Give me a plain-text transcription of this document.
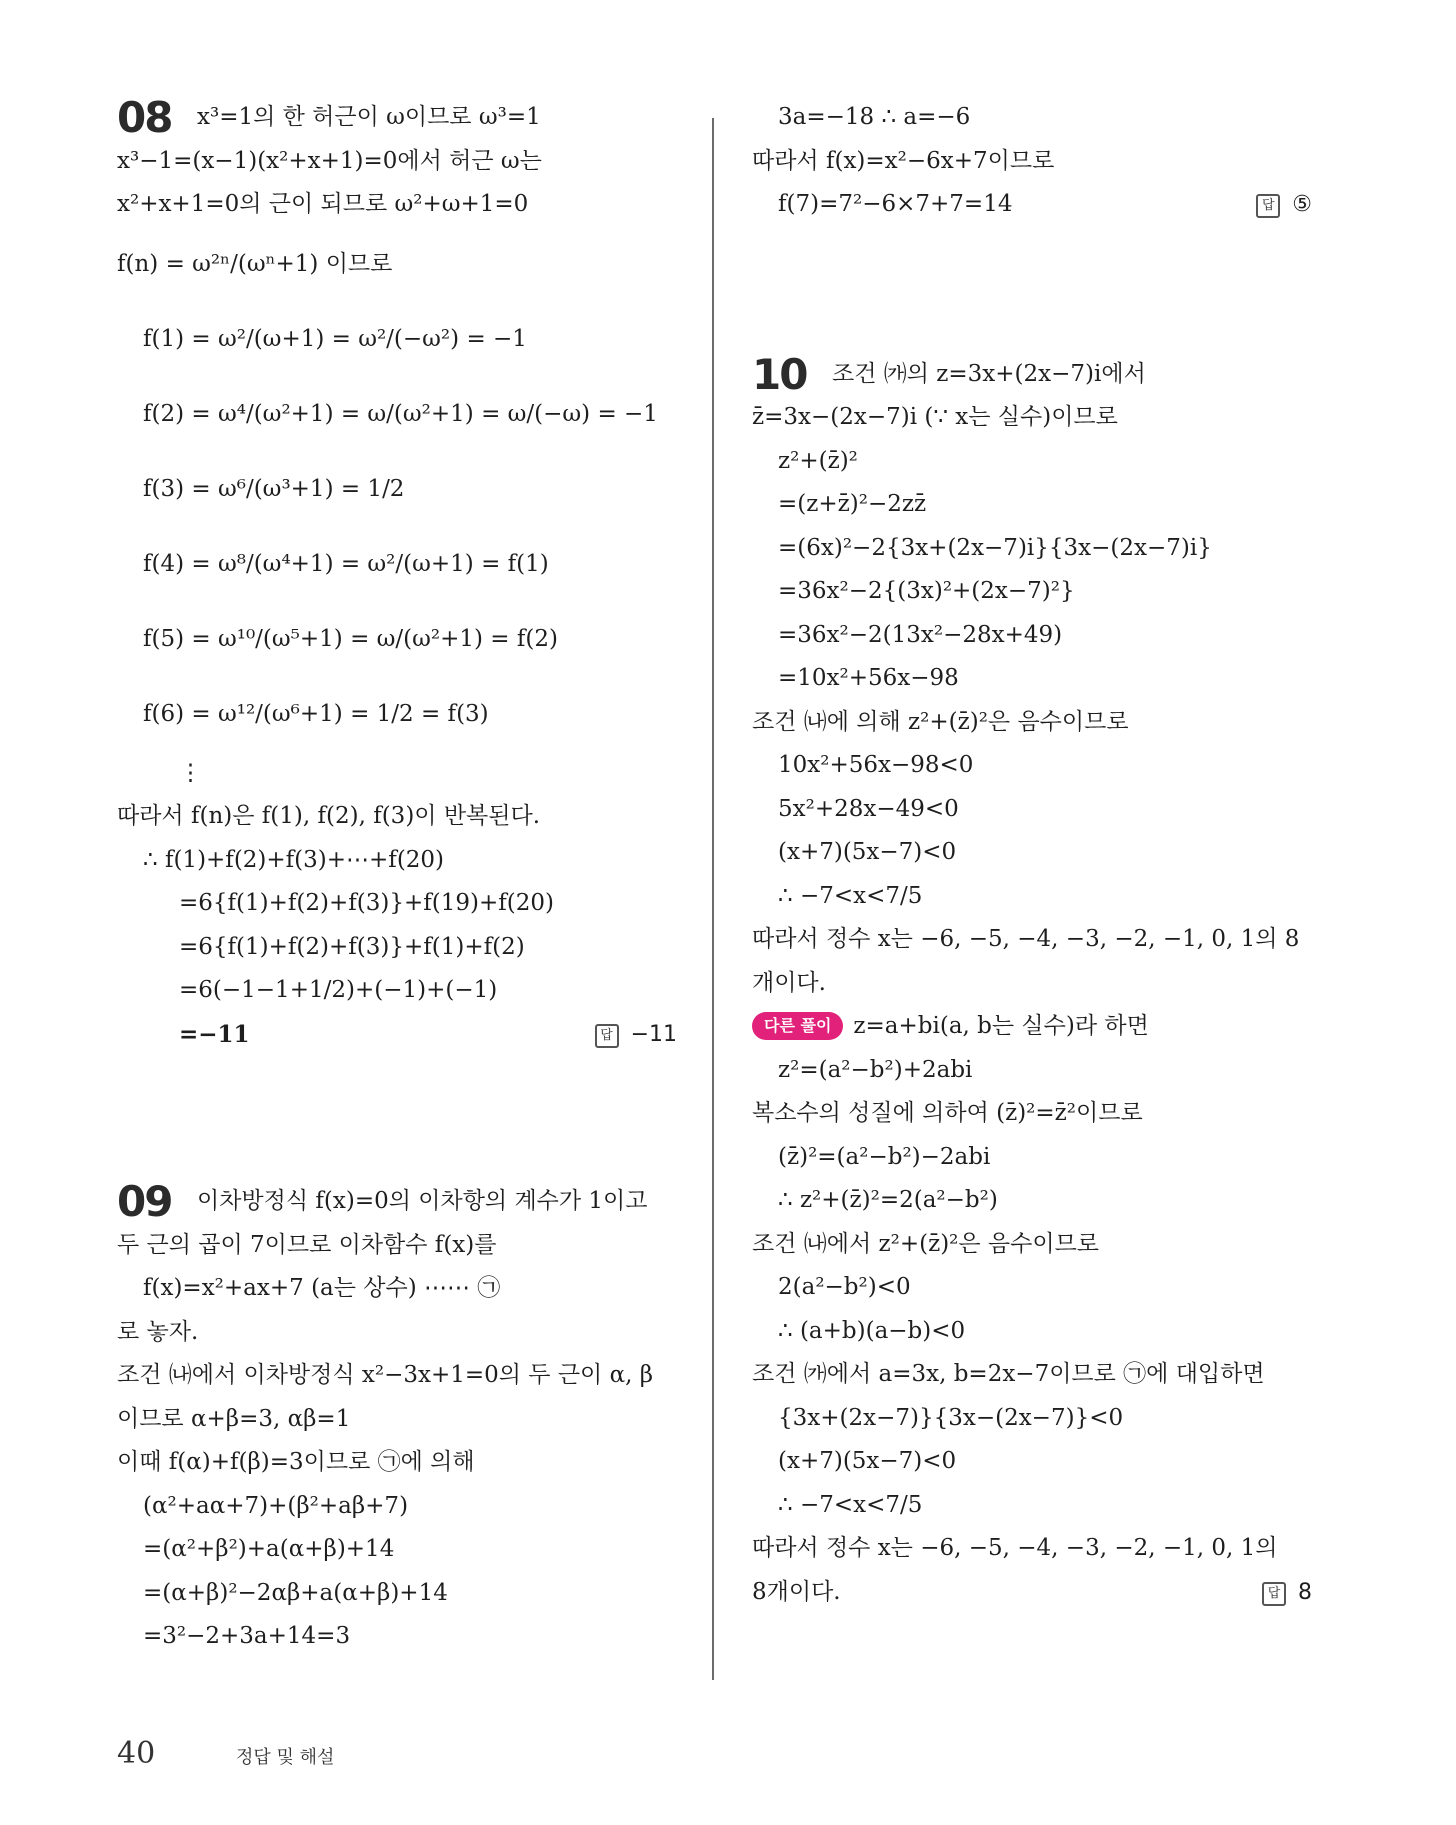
08 x³=1의 한 허근이 ω이므로 ω³=1
x³−1=(x−1)(x²+x+1)=0에서 허근 ω는
x²+x+1=0의 근이 되므로 ω²+ω+1=0
f(n) = ω²ⁿ/(ωⁿ+1) 이므로
f(1) = ω²/(ω+1) = ω²/(−ω²) = −1
f(2) = ω⁴/(ω²+1) = ω/(ω²+1) = ω/(−ω) = −1
f(3) = ω⁶/(ω³+1) = 1/2
f(4) = ω⁸/(ω⁴+1) = ω²/(ω+1) = f(1)
f(5) = ω¹⁰/(ω⁵+1) = ω/(ω²+1) = f(2)
f(6) = ω¹²/(ω⁶+1) = 1/2 = f(3)
⋮
따라서 f(n)은 f(1), f(2), f(3)이 반복된다.
∴ f(1)+f(2)+f(3)+⋯+f(20)
=6{f(1)+f(2)+f(3)}+f(19)+f(20)
=6{f(1)+f(2)+f(3)}+f(1)+f(2)
=6(−1−1+1/2)+(−1)+(−1)
=−11	답 −11
09 이차방정식 f(x)=0의 이차항의 계수가 1이고
두 근의 곱이 7이므로 이차함수 f(x)를
f(x)=x²+ax+7 (a는 상수) ⋯⋯ ㉠
로 놓자.
조건 ㈏에서 이차방정식 x²−3x+1=0의 두 근이 α, β
이므로 α+β=3, αβ=1
이때 f(α)+f(β)=3이므로 ㉠에 의해
(α²+aα+7)+(β²+aβ+7)
=(α²+β²)+a(α+β)+14
=(α+β)²−2αβ+a(α+β)+14
=3²−2+3a+14=3
3a=−18 ∴ a=−6
따라서 f(x)=x²−6x+7이므로
f(7)=7²−6×7+7=14	답 ⑤
10 조건 ㈎의 z=3x+(2x−7)i에서
z̄=3x−(2x−7)i (∵ x는 실수)이므로
z²+(z̄)²
=(z+z̄)²−2zz̄
=(6x)²−2{3x+(2x−7)i}{3x−(2x−7)i}
=36x²−2{(3x)²+(2x−7)²}
=36x²−2(13x²−28x+49)
=10x²+56x−98
조건 ㈏에 의해 z²+(z̄)²은 음수이므로
10x²+56x−98<0
5x²+28x−49<0
(x+7)(5x−7)<0
∴ −7<x<7/5
따라서 정수 x는 −6, −5, −4, −3, −2, −1, 0, 1의 8
개이다.
다른 풀이 z=a+bi(a, b는 실수)라 하면
z²=(a²−b²)+2abi
복소수의 성질에 의하여 (z̄)²=z̄²이므로
(z̄)²=(a²−b²)−2abi
∴ z²+(z̄)²=2(a²−b²)
조건 ㈏에서 z²+(z̄)²은 음수이므로
2(a²−b²)<0
∴ (a+b)(a−b)<0
조건 ㈎에서 a=3x, b=2x−7이므로 ㉠에 대입하면
{3x+(2x−7)}{3x−(2x−7)}<0
(x+7)(5x−7)<0
∴ −7<x<7/5
따라서 정수 x는 −6, −5, −4, −3, −2, −1, 0, 1의
8개이다.	답 8
40	정답 및 해설
